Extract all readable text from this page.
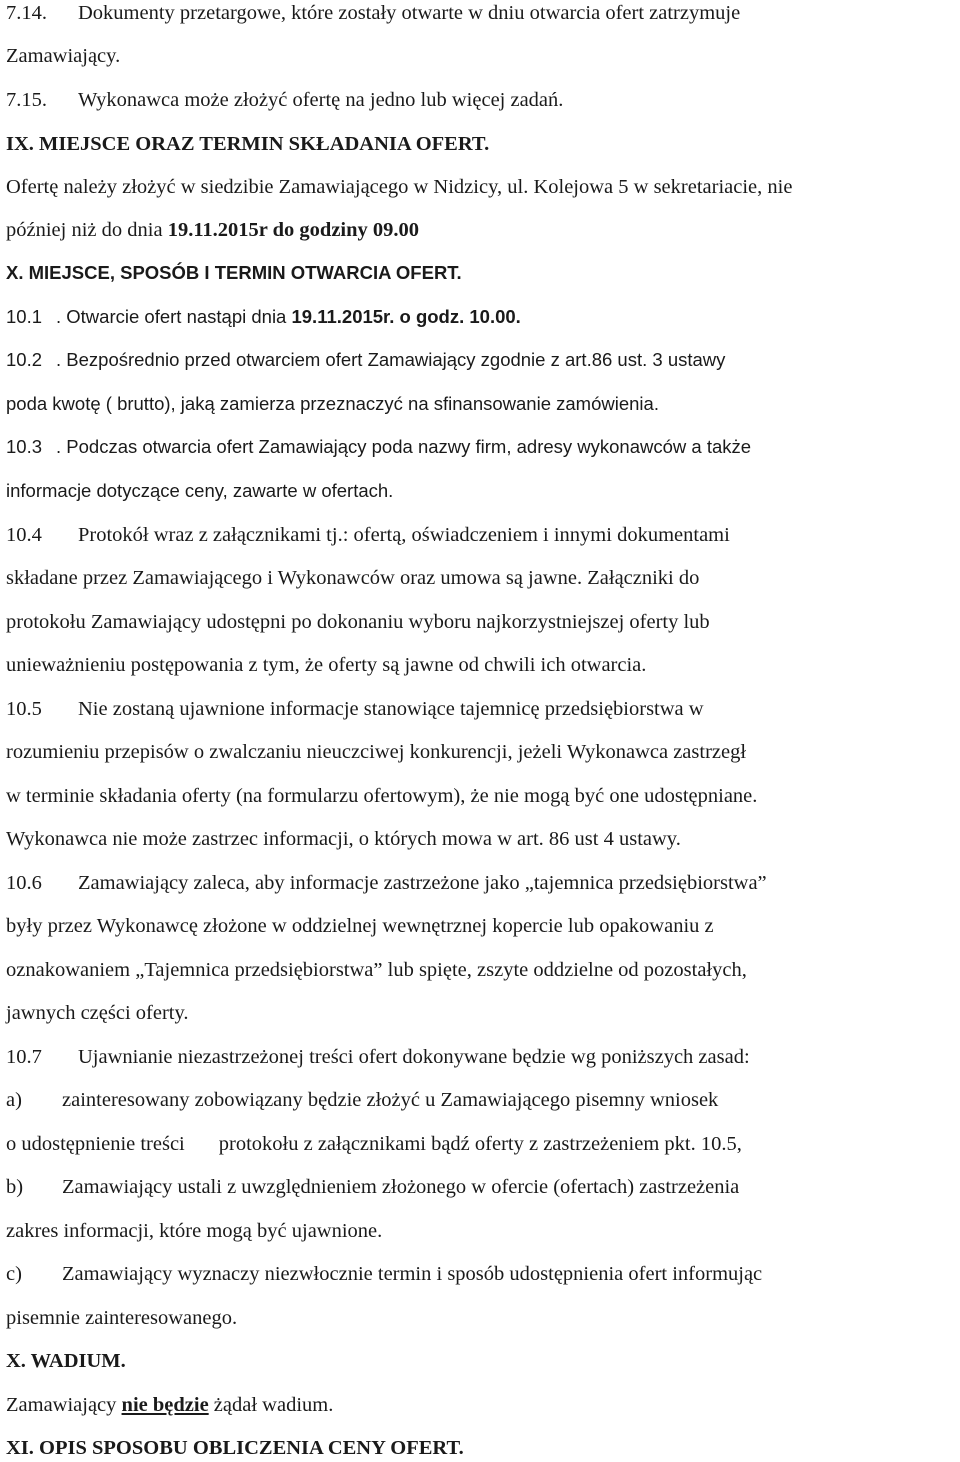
7.14. Dokumenty przetargowe, które zostały otwarte w dniu otwarcia ofert zatrzymuje
Zamawiający.
7.15. Wykonawca może złożyć ofertę na jedno lub więcej zadań.
IX. MIEJSCE ORAZ TERMIN SKŁADANIA OFERT.
Ofertę należy złożyć w siedzibie Zamawiającego w Nidzicy, ul. Kolejowa 5 w sekretariacie, nie
później niż do dnia 19.11.2015r do godziny 09.00
X. MIEJSCE, SPOSÓB I TERMIN OTWARCIA OFERT.
10.1 . Otwarcie ofert nastąpi dnia 19.11.2015r. o godz. 10.00.
10.2 . Bezpośrednio przed otwarciem ofert Zamawiający zgodnie z art.86 ust. 3 ustawy
poda kwotę ( brutto), jaką zamierza przeznaczyć na sfinansowanie zamówienia.
10.3 . Podczas otwarcia ofert Zamawiający poda nazwy firm, adresy wykonawców a także
informacje dotyczące ceny, zawarte w ofertach.
10.4 Protokół wraz z załącznikami tj.: ofertą, oświadczeniem i innymi dokumentami
składane przez Zamawiającego i Wykonawców oraz umowa są jawne. Załączniki do
protokołu Zamawiający udostępni po dokonaniu wyboru najkorzystniejszej oferty lub
unieważnieniu postępowania z tym, że oferty są jawne od chwili ich otwarcia.
10.5 Nie zostaną ujawnione informacje stanowiące tajemnicę przedsiębiorstwa w
rozumieniu przepisów o zwalczaniu nieuczciwej konkurencji, jeżeli Wykonawca zastrzegł
w terminie składania oferty (na formularzu ofertowym), że nie mogą być one udostępniane.
Wykonawca nie może zastrzec informacji, o których mowa w art. 86 ust 4 ustawy.
10.6 Zamawiający zaleca, aby informacje zastrzeżone jako „tajemnica przedsiębiorstwa”
były przez Wykonawcę złożone w oddzielnej wewnętrznej kopercie lub opakowaniu z
oznakowaniem „Tajemnica przedsiębiorstwa” lub spięte, zszyte oddzielne od pozostałych,
jawnych części oferty.
10.7 Ujawnianie niezastrzeżonej treści ofert dokonywane będzie wg poniższych zasad:
a) zainteresowany zobowiązany będzie złożyć u Zamawiającego pisemny wniosek
o udostępnienie treści protokołu z załącznikami bądź oferty z zastrzeżeniem pkt. 10.5,
b) Zamawiający ustali z uwzględnieniem złożonego w ofercie (ofertach) zastrzeżenia
zakres informacji, które mogą być ujawnione.
c) Zamawiający wyznaczy niezwłocznie termin i sposób udostępnienia ofert informując
pisemnie zainteresowanego.
X. WADIUM.
Zamawiający nie będzie żądał wadium.
XI. OPIS SPOSOBU OBLICZENIA CENY OFERT.
